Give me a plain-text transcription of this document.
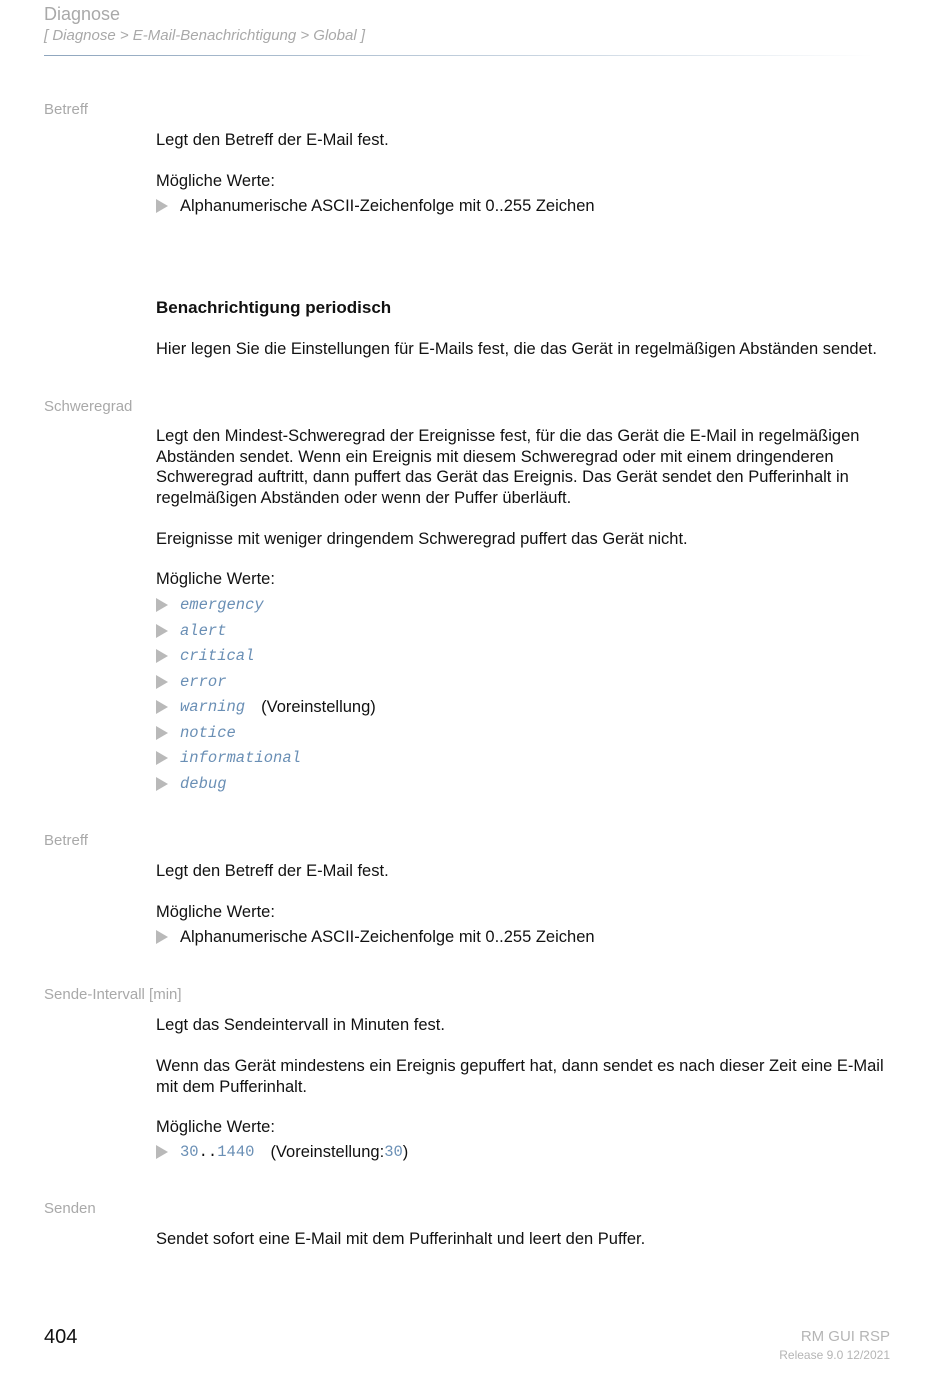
Diagnose
[ Diagnose > E-Mail-Benachrichtigung > Global ]
Betreff
Legt den Betreff der E-Mail fest.
Mögliche Werte:
Alphanumerische ASCII-Zeichenfolge mit 0..255 Zeichen
Benachrichtigung periodisch
Hier legen Sie die Einstellungen für E-Mails fest, die das Gerät in regelmäßigen Abständen sendet.
Schweregrad
Legt den Mindest-Schweregrad der Ereignisse fest, für die das Gerät die E-Mail in regelmäßigen Abständen sendet. Wenn ein Ereignis mit diesem Schweregrad oder mit einem dringenderen Schweregrad auftritt, dann puffert das Gerät das Ereignis. Das Gerät sendet den Pufferinhalt in regelmäßigen Abständen oder wenn der Puffer überläuft.
Ereignisse mit weniger dringendem Schweregrad puffert das Gerät nicht.
Mögliche Werte:
emergency
alert
critical
error
warning (Voreinstellung)
notice
informational
debug
Betreff
Legt den Betreff der E-Mail fest.
Mögliche Werte:
Alphanumerische ASCII-Zeichenfolge mit 0..255 Zeichen
Sende-Intervall [min]
Legt das Sendeintervall in Minuten fest.
Wenn das Gerät mindestens ein Ereignis gepuffert hat, dann sendet es nach dieser Zeit eine E-Mail mit dem Pufferinhalt.
Mögliche Werte:
30 .. 1440 (Voreinstellung: 30 )
Senden
Sendet sofort eine E-Mail mit dem Pufferinhalt und leert den Puffer.
404	RM GUI RSP
Release 9.0 12/2021
